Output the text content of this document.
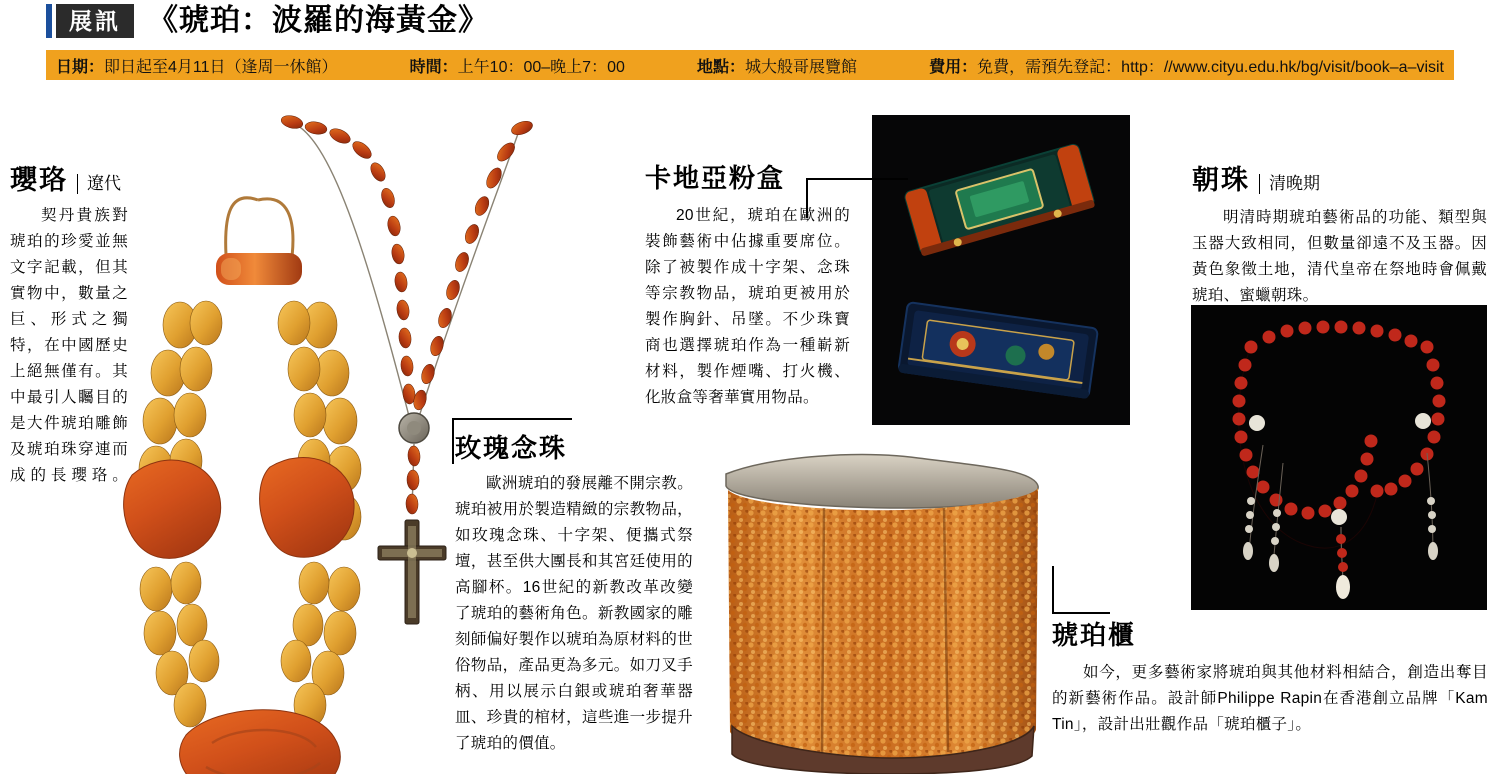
展訊 《琥珀：波羅的海黃金》
日期：即日起至4月11日（逢周一休館）	時間：上午10：00–晚上7：00	地點：城大般哥展覽館	費用：免費，需預先登記：http：//www.cityu.edu.hk/bg/visit/book–a–visit
瓔珞	遼代
契丹貴族對琥珀的珍愛並無文字記載，但其實物中，數量之巨、形式之獨特，在中國歷史上絕無僅有。其中最引人矚目的是大件琥珀雕飾及琥珀珠穿連而成的長瓔珞。
玫瑰念珠
歐洲琥珀的發展離不開宗教。琥珀被用於製造精緻的宗教物品，如玫瑰念珠、十字架、便攜式祭壇，甚至供大團長和其宮廷使用的高腳杯。16世紀的新教改革改變了琥珀的藝術角色。新教國家的雕刻師偏好製作以琥珀為原材料的世俗物品，產品更為多元。如刀叉手柄、用以展示白銀或琥珀奢華器皿、珍貴的棺材，這些進一步提升了琥珀的價值。
卡地亞粉盒
20世紀，琥珀在歐洲的裝飾藝術中佔據重要席位。除了被製作成十字架、念珠等宗教物品，琥珀更被用於製作胸針、吊墜。不少珠寶商也選擇琥珀作為一種嶄新材料，製作煙嘴、打火機、化妝盒等奢華實用物品。
朝珠	清晚期
明清時期琥珀藝術品的功能、類型與玉器大致相同，但數量卻遠不及玉器。因黃色象徵土地，清代皇帝在祭地時會佩戴琥珀、蜜蠟朝珠。
琥珀櫃
如今，更多藝術家將琥珀與其他材料相結合，創造出奪目的新藝術作品。設計師Philippe Rapin在香港創立品牌「Kam Tin」，設計出壯觀作品「琥珀櫃子」。
